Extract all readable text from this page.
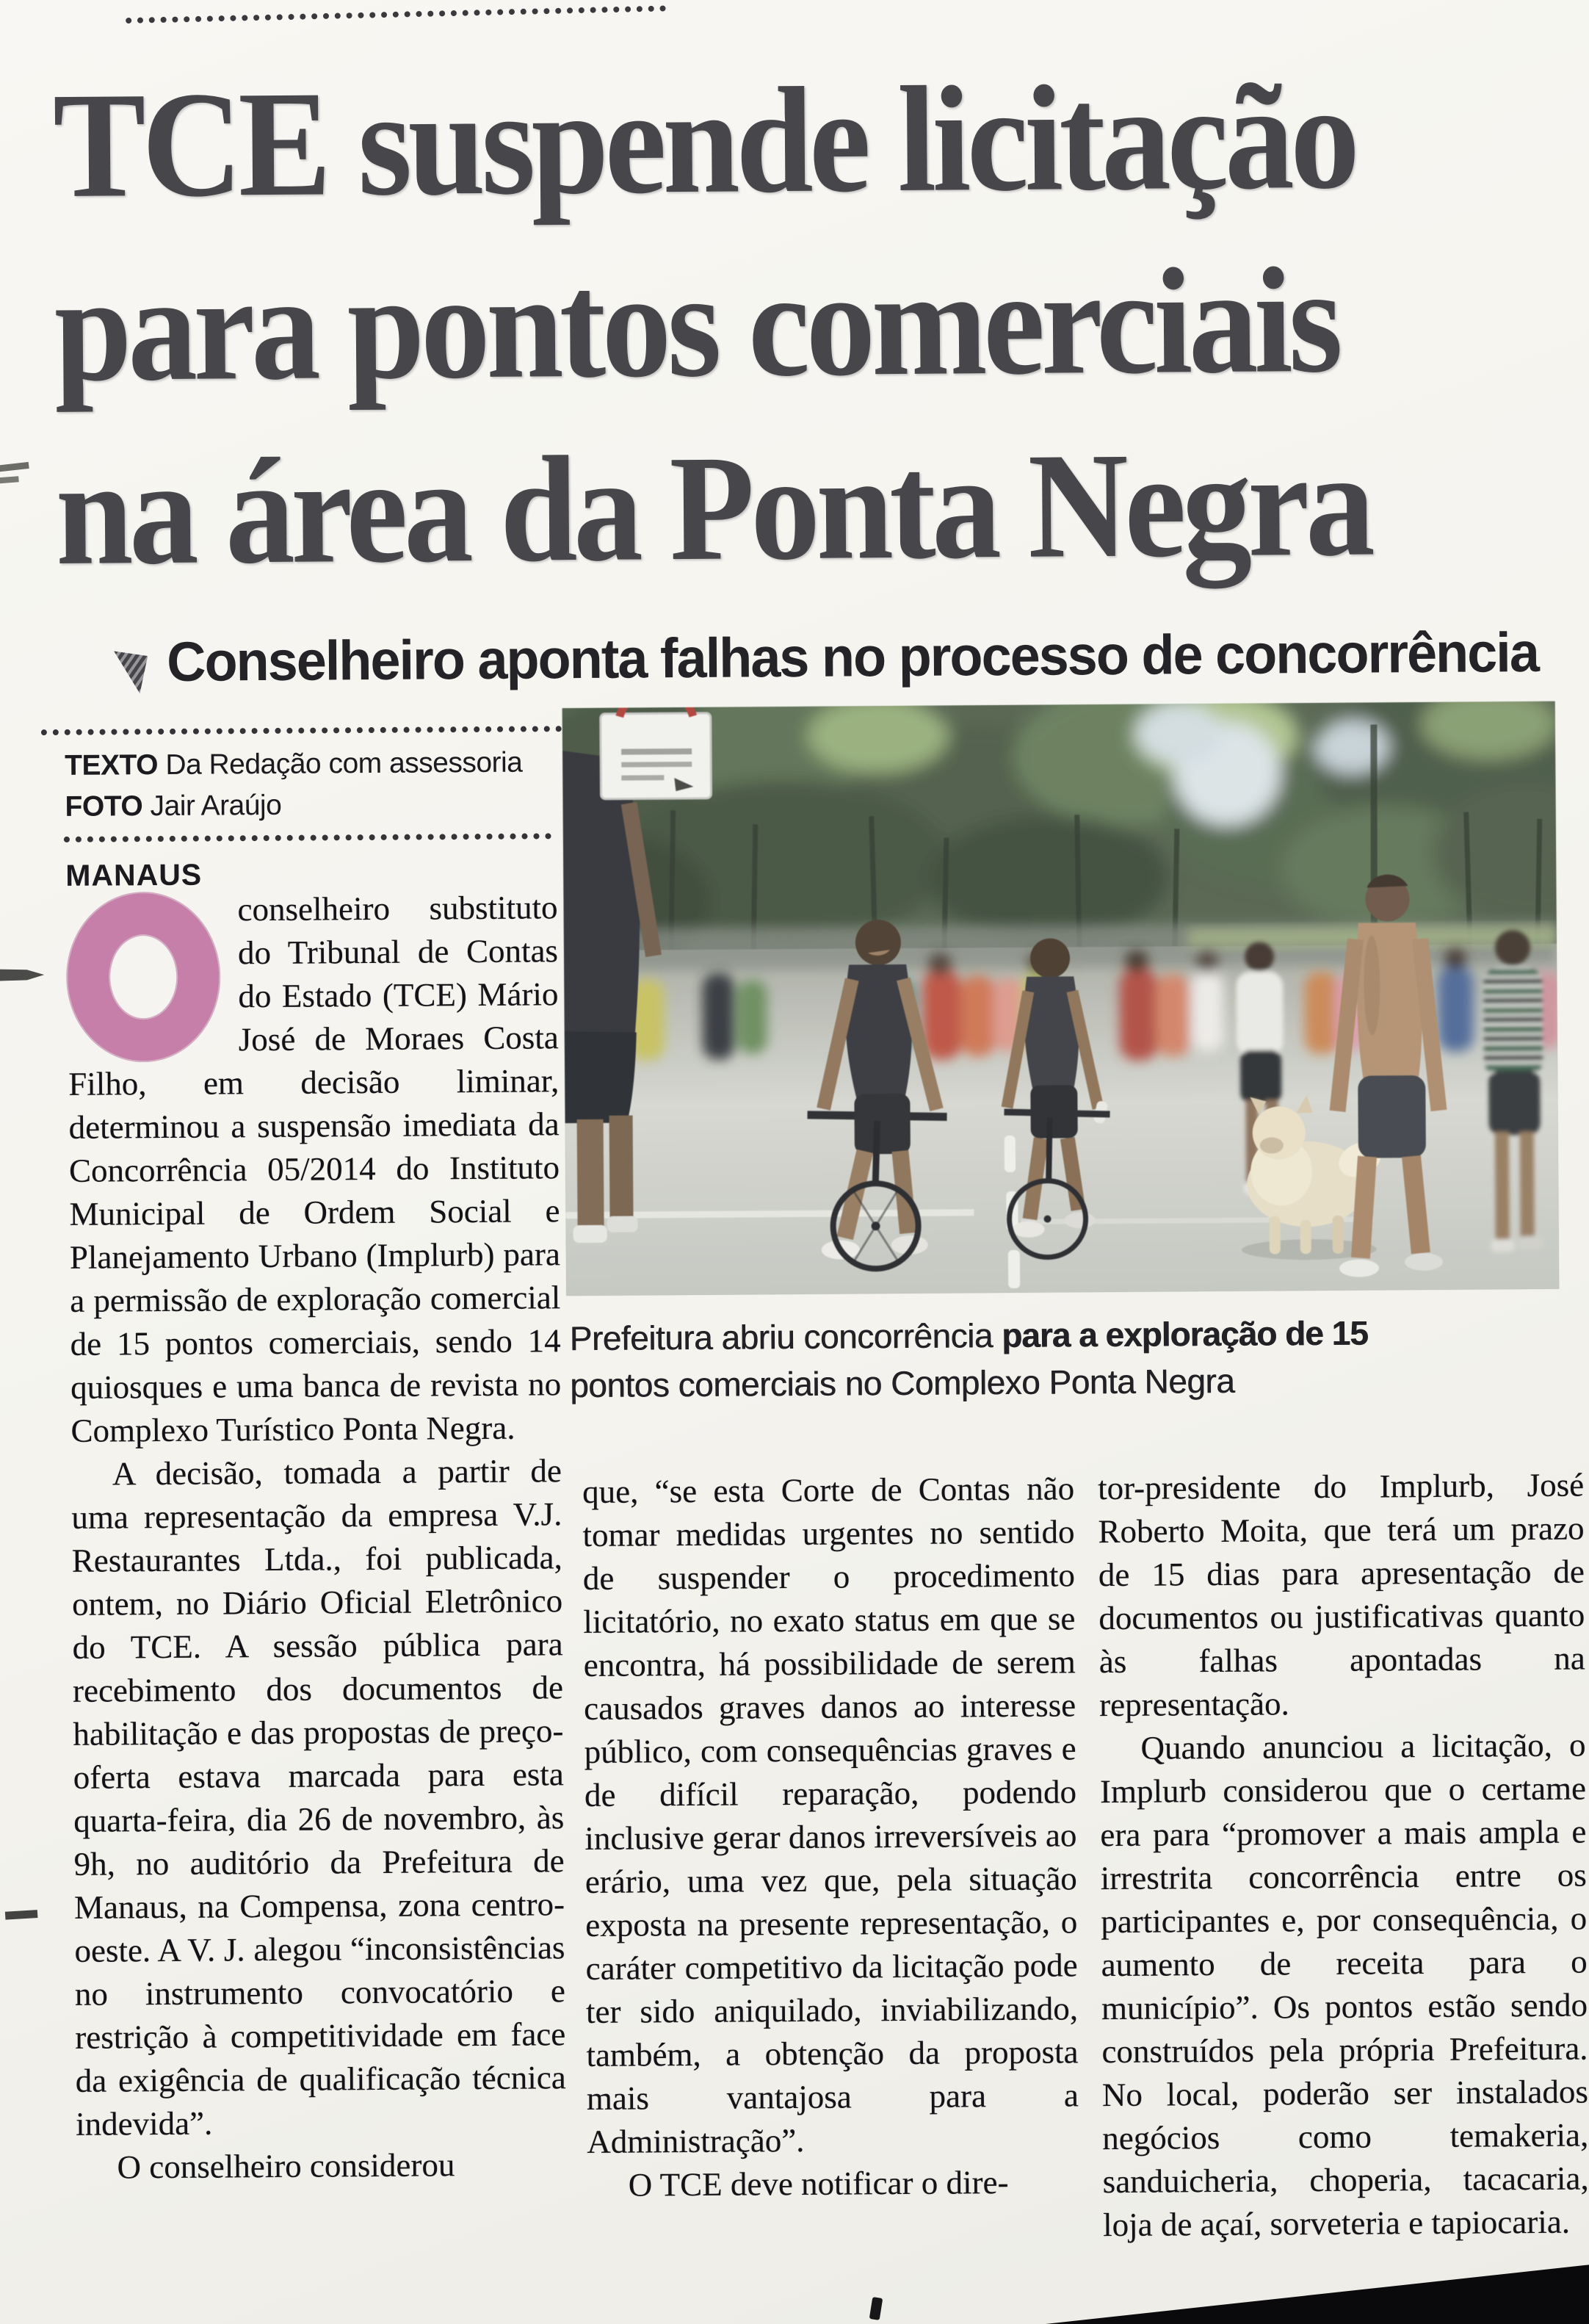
TCE suspende licitação
para pontos comerciais
na área da Ponta Negra
Conselheiro aponta falhas no processo de concorrência
TEXTO Da Redação com assessoria
FOTO Jair Araújo
MANAUS
Prefeitura abriu concorrência para a exploração de 15
pontos comerciais no Complexo Ponta Negra

conselheiro substituto do Tribunal de Contas do Estado (TCE) Mário José de Moraes Costa Filho, em decisão liminar, determinou a suspensão imediata da Concorrência 05/2014 do Instituto Municipal de Ordem Social e Planejamento Urbano (Implurb) para a permissão de exploração comercial de 15 pontos comerciais, sendo 14 quiosques e uma banca de revista no Complexo Turístico Ponta Negra.

A decisão, tomada a partir de uma representação da empresa V.J. Restaurantes Ltda., foi publicada, ontem, no Diário Oficial Eletrônico do TCE. A sessão pública para recebimento dos documentos de habilitação e das propostas de preço-oferta estava marcada para esta quarta-feira, dia 26 de novembro, às 9h, no auditório da Prefeitura de Manaus, na Compensa, zona centro-oeste. A V. J. alegou “inconsistências no instrumento convocatório e restrição à competitividade em face da exigência de qualificação técnica indevida”.

O conselheiro considerou

que, “se esta Corte de Contas não tomar medidas urgentes no sentido de suspender o procedimento licitatório, no exato status em que se encontra, há possibilidade de serem causados graves danos ao interesse público, com consequências graves e de difícil reparação, podendo inclusive gerar danos irreversíveis ao erário, uma vez que, pela situação exposta na presente representação, o caráter competitivo da licitação pode ter sido aniquilado, inviabilizando, também, a obtenção da proposta mais vantajosa para a Administração”.

O TCE deve notificar o dire-

tor-presidente do Implurb, José Roberto Moita, que terá um prazo de 15 dias para apresentação de documentos ou justificativas quanto às falhas apontadas na representação.

Quando anunciou a licitação, o Implurb considerou que o certame era para “promover a mais ampla e irrestrita concorrência entre os participantes e, por consequência, o aumento de receita para o município”. Os pontos estão sendo construídos pela própria Prefeitura. No local, poderão ser instalados negócios como temakeria, sanduicheria, choperia, tacacaria, loja de açaí, sorveteria e tapiocaria.
